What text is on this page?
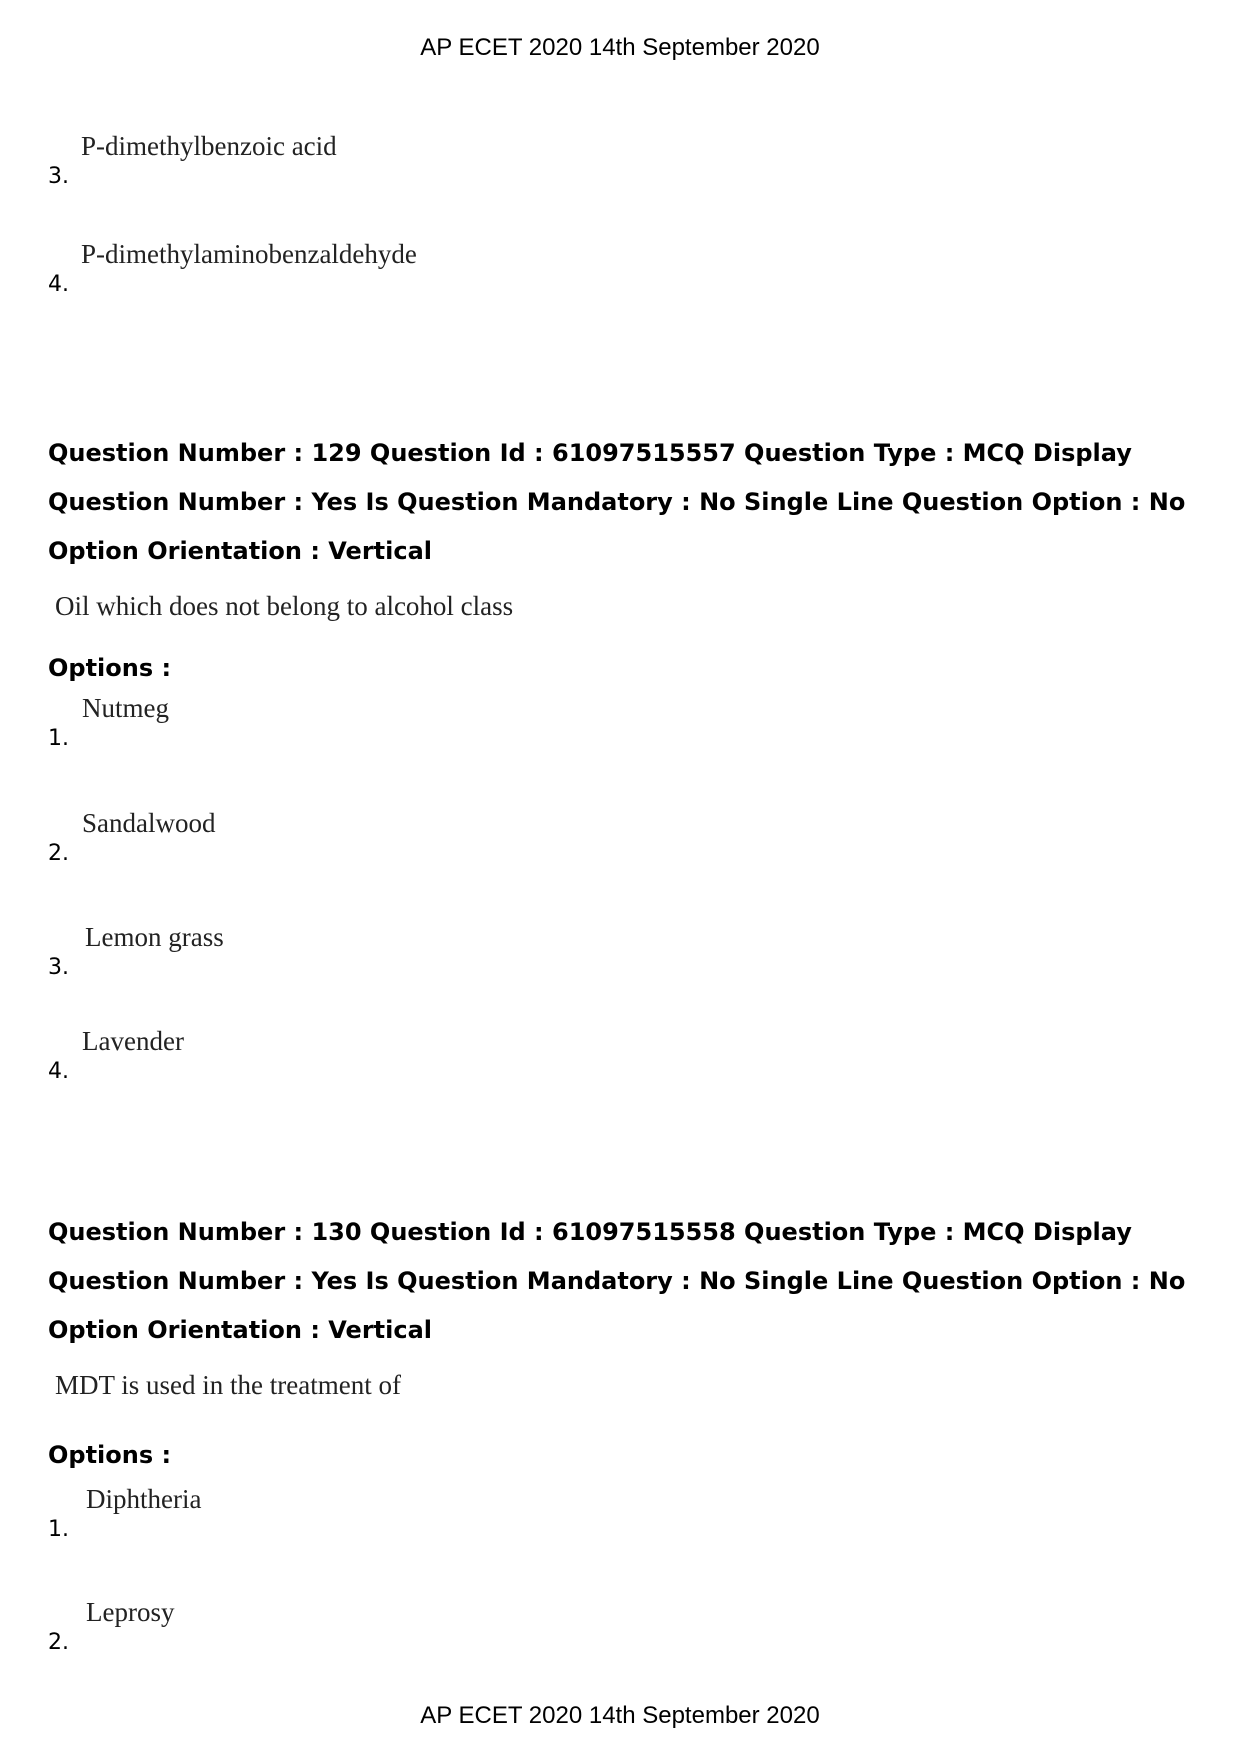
AP ECET 2020 14th September 2020
3.
P-dimethylbenzoic acid
4.
P-dimethylaminobenzaldehyde
Question Number : 129 Question Id : 61097515557 Question Type : MCQ Display Question Number : Yes Is Question Mandatory : No Single Line Question Option : No Option Orientation : Vertical
Oil which does not belong to alcohol class
Options :
1.
Nutmeg
2.
Sandalwood
3.
Lemon grass
4.
Lavender
Question Number : 130 Question Id : 61097515558 Question Type : MCQ Display Question Number : Yes Is Question Mandatory : No Single Line Question Option : No Option Orientation : Vertical
MDT is used in the treatment of
Options :
1.
Diphtheria
2.
Leprosy
AP ECET 2020 14th September 2020
